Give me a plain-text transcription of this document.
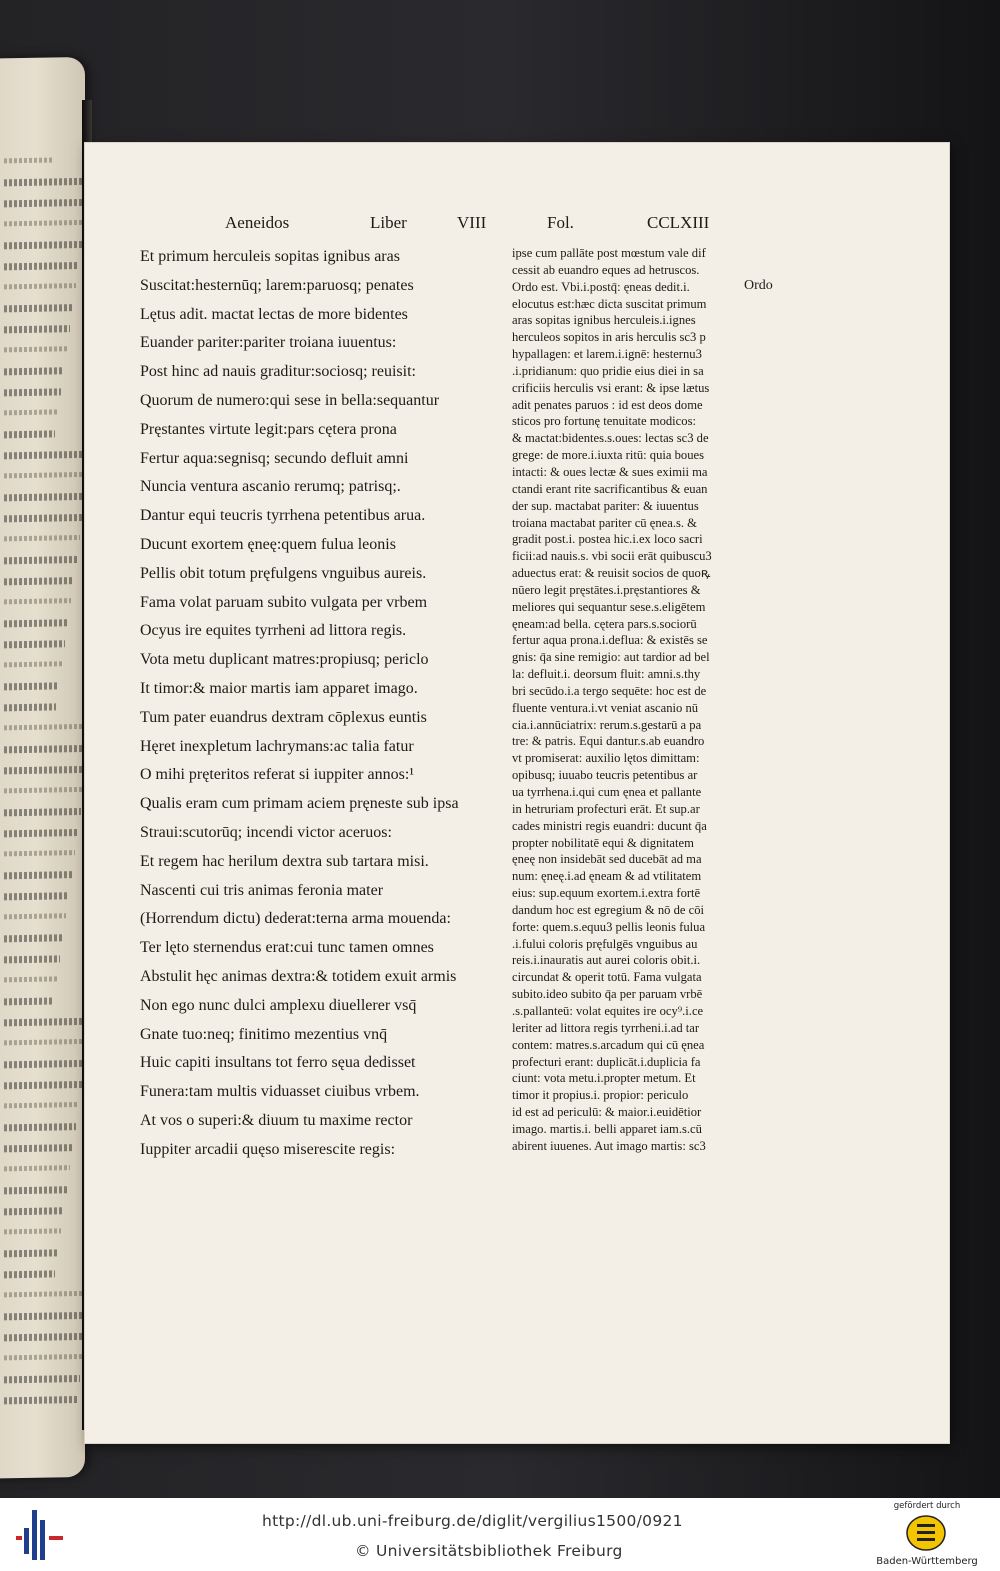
Aeneidos	Liber	VIII	Fol.	CCLXIII
Et primum herculeis sopitas ignibus aras
Suscitat:hesternūq; larem:paruosq; penates
Lętus adit. mactat lectas de more bidentes
Euander pariter:pariter troiana iuuentus:
Post hinc ad nauis graditur:sociosq; reuisit:
Quorum de numero:qui sese in bella:sequantur
Pręstantes virtute legit:pars cętera prona
Fertur aqua:segnisq; secundo defluit amni
Nuncia ventura ascanio rerumq; patrisq;.
Dantur equi teucris tyrrhena petentibus arua.
Ducunt exortem ęneę:quem fulua leonis
Pellis obit totum pręfulgens vnguibus aureis.
Fama volat paruam subito vulgata per vrbem
Ocyus ire equites tyrrheni ad littora regis.
Vota metu duplicant matres:propiusq; periclo
It timor:& maior martis iam apparet imago.
Tum pater euandrus dextram cōplexus euntis
Hęret inexpletum lachrymans:ac talia fatur
O mihi pręteritos referat si iuppiter annos:¹
Qualis eram cum primam aciem pręneste sub ipsa
Straui:scutorūq; incendi victor aceruos:
Et regem hac herilum dextra sub tartara misi.
Nascenti cui tris animas feronia mater
(Horrendum dictu) dederat:terna arma mouenda:
Ter lęto sternendus erat:cui tunc tamen omnes
Abstulit hęc animas dextra:& totidem exuit armis
Non ego nunc dulci amplexu diuellerer vsq̄
Gnate tuo:neq; finitimo mezentius vnq̄
Huic capiti insultans tot ferro sęua dedisset
Funera:tam multis viduasset ciuibus vrbem.
At vos o superi:& diuum tu maxime rector
Iuppiter arcadii quęso miserescite regis:
ipse cum pallāte post mœstum vale dif
cessit ab euandro eques ad hetruscos.
Ordo est. Vbi.i.postq̄: ęneas dedit.i.
elocutus est:hæc dicta suscitat primum
aras sopitas ignibus herculeis.i.ignes
herculeos sopitos in aris herculis sc3 p
hypallagen: et larem.i.ignē: hesternu3
.i.pridianum: quo pridie eius diei in sa
crificiis herculis vsi erant: & ipse lætus
adit penates paruos : id est deos dome
sticos pro fortunę tenuitate modicos:
& mactat:bidentes.s.oues: lectas sc3 de
grege: de more.i.iuxta ritū: quia boues
intacti: & oues lectæ & sues eximii ma
ctandi erant rite sacrificantibus & euan
der sup. mactabat pariter: & iuuentus
troiana mactabat pariter cū ęnea.s. &
gradit post.i. postea hic.i.ex loco sacri
ficii:ad nauis.s. vbi socii erāt quibuscu3
aduectus erat: & reuisit socios de quoꝶ
nūero legit pręstātes.i.pręstantiores &
meliores qui sequantur sese.s.eligētem
ęneam:ad bella. cętera pars.s.sociorū
fertur aqua prona.i.deflua: & existēs se
gnis: q̄a sine remigio: aut tardior ad bel
la: defluit.i. deorsum fluit: amni.s.thy
bri secūdo.i.a tergo sequēte: hoc est de
fluente ventura.i.vt veniat ascanio nū
cia.i.annūciatrix: rerum.s.gestarū a pa
tre: & patris. Equi dantur.s.ab euandro
vt promiserat: auxilio lętos dimittam:
opibusq; iuuabo teucris petentibus ar
ua tyrrhena.i.qui cum ęnea et pallante
in hetruriam profecturi erāt. Et sup.ar
cades ministri regis euandri: ducunt q̄a
propter nobilitatē equi & dignitatem
ęneę non insidebāt sed ducebāt ad ma
num: ęneę.i.ad ęneam & ad vtilitatem
eius: sup.equum exortem.i.extra fortē
dandum hoc est egregium & nō de cōi
forte: quem.s.equu3 pellis leonis fulua
.i.fului coloris pręfulgēs vnguibus au
reis.i.inauratis aut aurei coloris obit.i.
circundat & operit totū. Fama vulgata
subito.ideo subito q̄a per paruam vrbē
.s.pallanteū: volat equites ire ocy⁹.i.ce
leriter ad littora regis tyrrheni.i.ad tar
contem: matres.s.arcadum qui cū ęnea
profecturi erant: duplicāt.i.duplicia fa
ciunt: vota metu.i.propter metum. Et
timor it propius.i. propior: periculo
id est ad periculū: & maior.i.euidētior
imago. martis.i. belli apparet iam.s.cū
abirent iuuenes. Aut imago martis: sc3
Ordo
http://dl.ub.uni-freiburg.de/diglit/vergilius1500/0921
© Universitätsbibliothek Freiburg
gefördert durch
Baden-Württemberg
